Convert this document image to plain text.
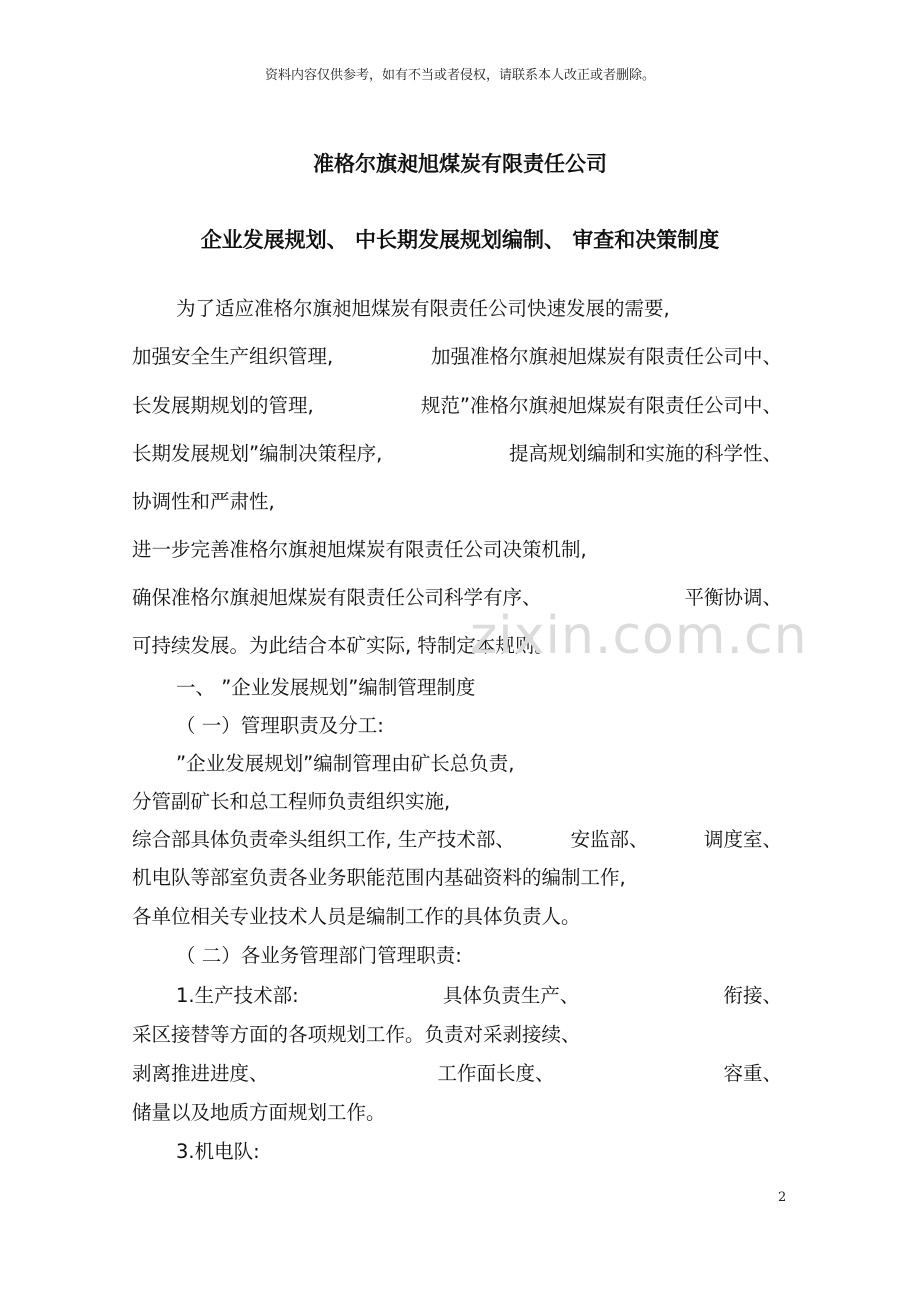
资料内容仅供参考，如有不当或者侵权，请联系本人改正或者删除。
准格尔旗昶旭煤炭有限责任公司
企业发展规划、 中长期发展规划编制、 审查和决策制度
为了适应准格尔旗昶旭煤炭有限责任公司快速发展的需要,
加强安全生产组织管理,	加强准格尔旗昶旭煤炭有限责任公司中、
长发展期规划的管理,	规范”准格尔旗昶旭煤炭有限责任公司中、
长期发展规划”编制决策程序,	提高规划编制和实施的科学性、
协调性和严肃性,
进一步完善准格尔旗昶旭煤炭有限责任公司决策机制,
确保准格尔旗昶旭煤炭有限责任公司科学有序、	平衡协调、
可持续发展。为此结合本矿实际, 特制定本规则。
一、 ”企业发展规划”编制管理制度
（ 一）管理职责及分工:
”企业发展规划”编制管理由矿长总负责,
分管副矿长和总工程师负责组织实施,
综合部具体负责牵头组织工作, 生产技术部、	安监部、	调度室、
机电队等部室负责各业务职能范围内基础资料的编制工作,
各单位相关专业技术人员是编制工作的具体负责人。
（ 二）各业务管理部门管理职责:
1.生产技术部:	具体负责生产、	衔接、
采区接替等方面的各项规划工作。负责对采剥接续、
剥离推进进度、	工作面长度、	容重、
储量以及地质方面规划工作。
3.机电队:
zixin.com.cn
2
